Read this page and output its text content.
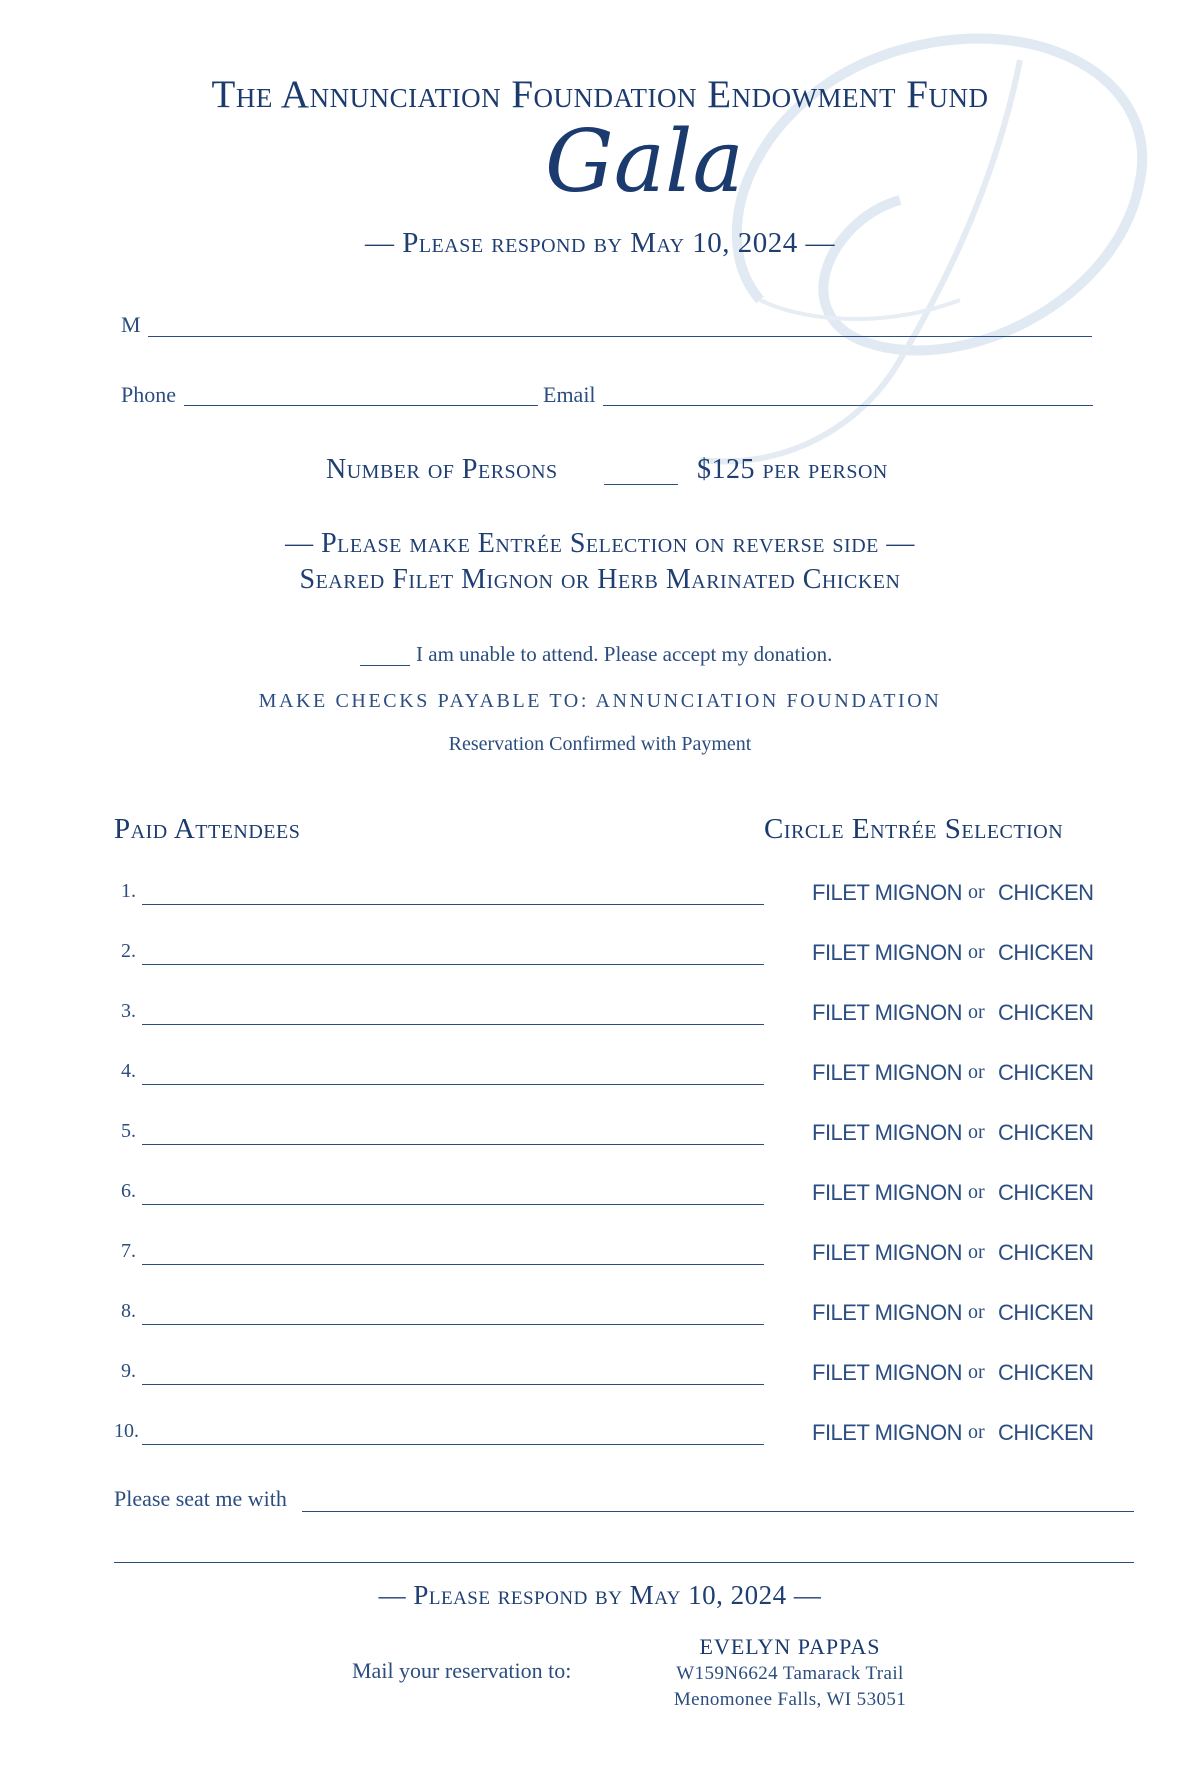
The Annunciation Foundation Endowment Fund
Gala
— Please respond by May 10, 2024 —
M
Phone	Email
Number of Persons	$125 per person
— Please make Entrée Selection on reverse side —
Seared Filet Mignon or Herb Marinated Chicken
I am unable to attend. Please accept my donation.
MAKE CHECKS PAYABLE TO: ANNUNCIATION FOUNDATION
Reservation Confirmed with Payment
Paid Attendees	Circle Entrée Selection
1.	FILET MIGNON or CHICKEN
2.	FILET MIGNON or CHICKEN
3.	FILET MIGNON or CHICKEN
4.	FILET MIGNON or CHICKEN
5.	FILET MIGNON or CHICKEN
6.	FILET MIGNON or CHICKEN
7.	FILET MIGNON or CHICKEN
8.	FILET MIGNON or CHICKEN
9.	FILET MIGNON or CHICKEN
10.	FILET MIGNON or CHICKEN
Please seat me with
— Please respond by May 10, 2024 —
Mail your reservation to:
EVELYN PAPPAS
W159N6624 Tamarack Trail
Menomonee Falls, WI 53051
